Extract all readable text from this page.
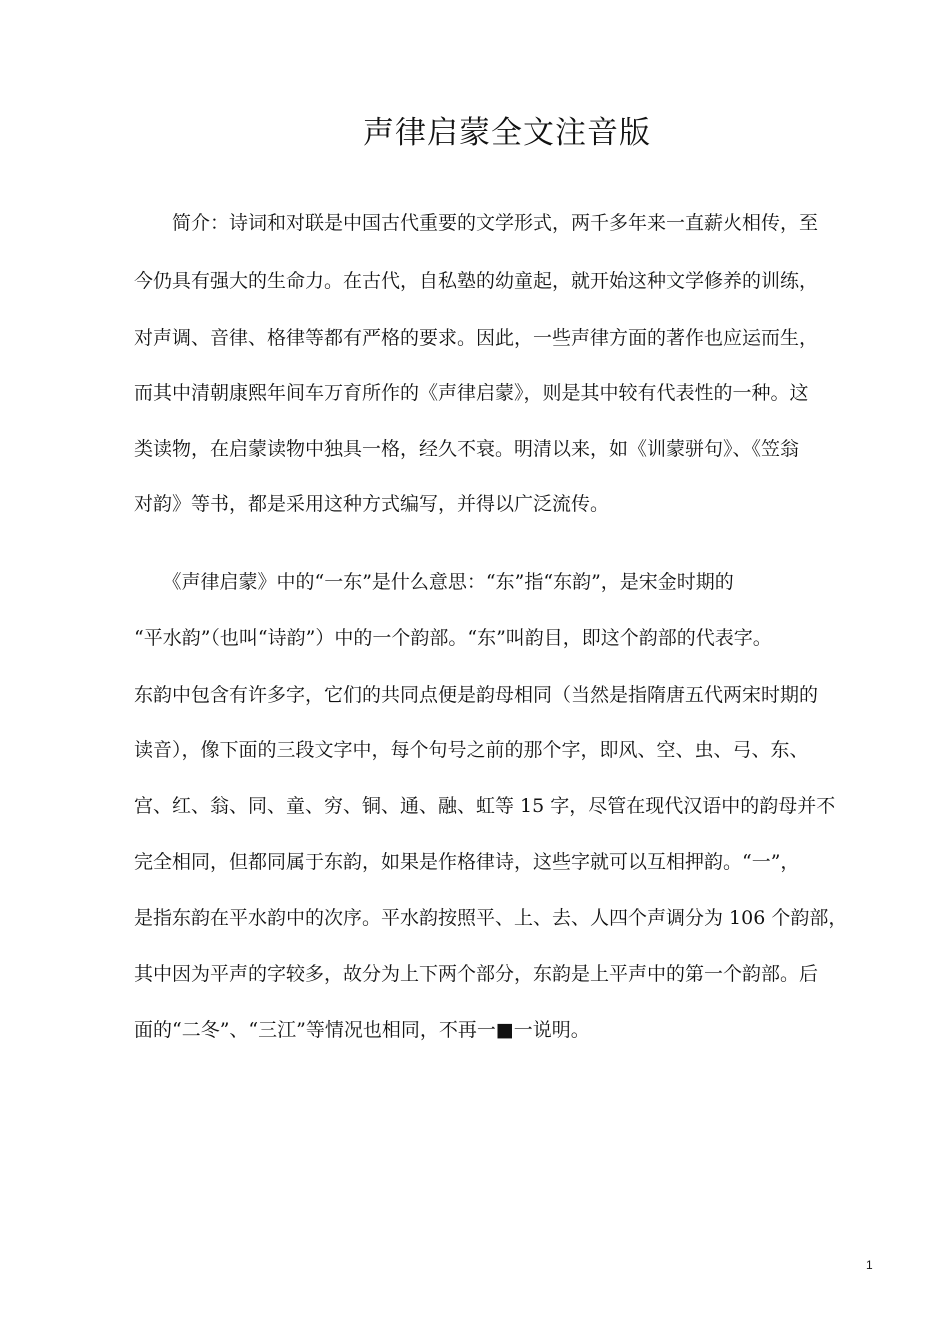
声律启蒙全文注音版
　　简介：诗词和对联是中国古代重要的文学形式，两千多年来一直薪火相传，至
今仍具有强大的生命力。在古代，自私塾的幼童起，就开始这种文学修养的训练，
对声调、音律、格律等都有严格的要求。因此，一些声律方面的著作也应运而生，
而其中清朝康熙年间车万育所作的《声律启蒙》，则是其中较有代表性的一种。这
类读物，在启蒙读物中独具一格，经久不衰。明清以来，如《训蒙骈句》、《笠翁
对韵》等书，都是采用这种方式编写，并得以广泛流传。
　　《声律启蒙》中的“一东”是什么意思：“东”指“东韵”，是宋金时期的
“平水韵”（也叫“诗韵”）中的一个韵部。“东”叫韵目，即这个韵部的代表字。
东韵中包含有许多字，它们的共同点便是韵母相同（当然是指隋唐五代两宋时期的
读音），像下面的三段文字中，每个句号之前的那个字，即风、空、虫、弓、东、
宫、红、翁、同、童、穷、铜、通、融、虹等 15 字，尽管在现代汉语中的韵母并不
完全相同，但都同属于东韵，如果是作格律诗，这些字就可以互相押韵。“一”，
是指东韵在平水韵中的次序。平水韵按照平、上、去、人四个声调分为 106 个韵部，
其中因为平声的字较多，故分为上下两个部分，东韵是上平声中的第一个韵部。后
面的“二冬”、“三江”等情况也相同，不再一■一说明。
1
